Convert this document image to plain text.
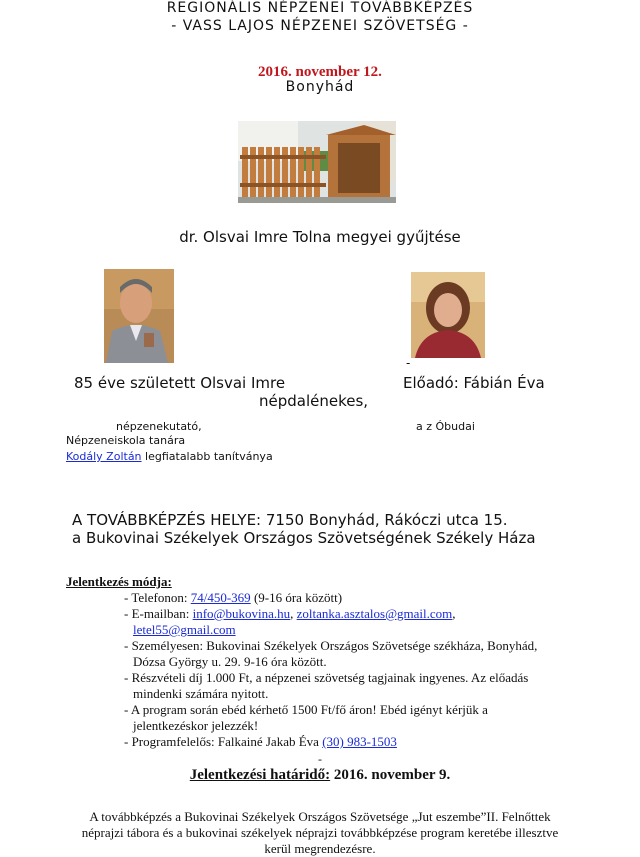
REGIONÁLIS NÉPZENEI TOVÁBBKÉPZÉS
- VASS LAJOS NÉPZENEI SZÖVETSÉG -
2016. november 12.
Bonyhád
dr. Olsvai Imre Tolna megyei gyűjtése
-
85 éve született Olsvai Imre	Előadó: Fábián Éva
népdalénekes,
népzenekutató,	a z Óbudai
Népzeneiskola tanára
Kodály Zoltán legfiatalabb tanítványa
A TOVÁBBKÉPZÉS HELYE: 7150 Bonyhád, Rákóczi utca 15.
a Bukovinai Székelyek Országos Szövetségének Székely Háza
Jelentkezés módja:
- Telefonon: 74/450-369 (9-16 óra között)
- E-mailban: info@bukovina.hu, zoltanka.asztalos@gmail.com,
letel55@gmail.com
- Személyesen: Bukovinai Székelyek Országos Szövetsége székháza, Bonyhád,
Dózsa György u. 29. 9-16 óra között.
- Részvételi díj 1.000 Ft, a népzenei szövetség tagjainak ingyenes. Az előadás
mindenki számára nyitott.
- A program során ebéd kérhető 1500 Ft/fő áron! Ebéd igényt kérjük a
jelentkezéskor jelezzék!
- Programfelelős: Falkainé Jakab Éva (30) 983-1503
-
Jelentkezési határidő: 2016. november 9.
A továbbképzés a Bukovinai Székelyek Országos Szövetsége „Jut eszembe”II. Felnőttek
néprajzi tábora és a bukovinai székelyek néprajzi továbbképzése program keretébe illesztve
kerül megrendezésre.
